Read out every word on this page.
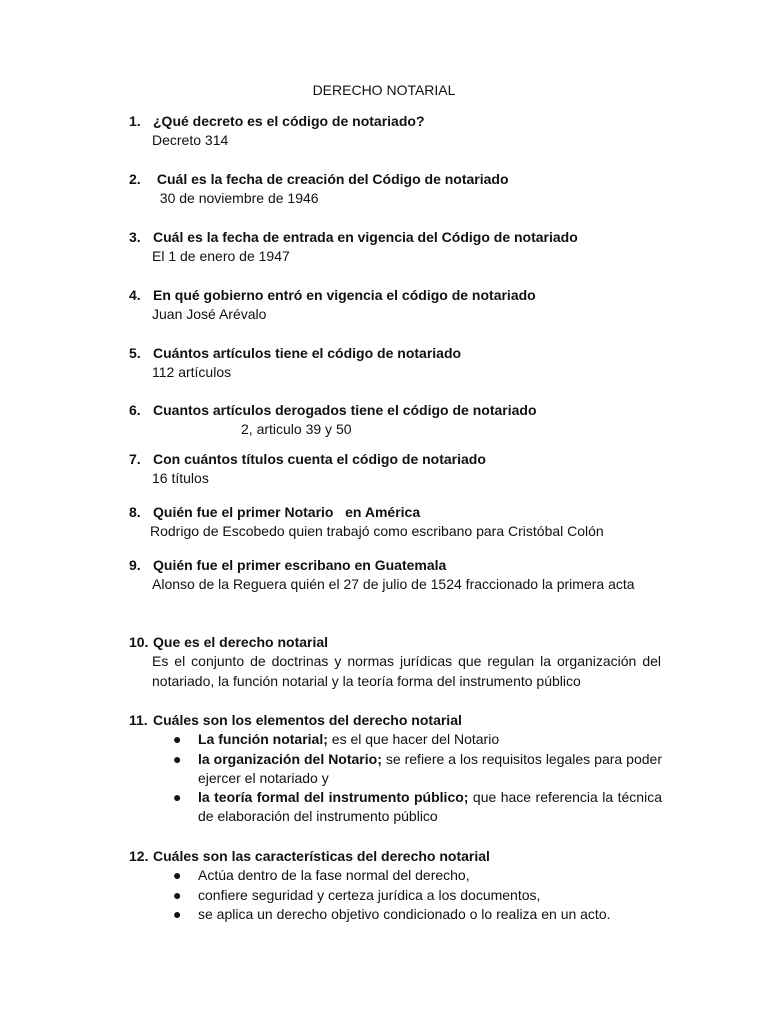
DERECHO NOTARIAL
1. ¿Qué decreto es el código de notariado?
Decreto 314
2. Cuál es la fecha de creación del Código de notariado
30 de noviembre de 1946
3. Cuál es la fecha de entrada en vigencia del Código de notariado
El 1 de enero de 1947
4. En qué gobierno entró en vigencia el código de notariado
Juan José Arévalo
5. Cuántos artículos tiene el código de notariado
112 artículos
6. Cuantos artículos derogados tiene el código de notariado
2, articulo 39 y 50
7. Con cuántos títulos cuenta el código de notariado
16 títulos
8. Quién fue el primer Notario   en América
Rodrigo de Escobedo quien trabajó como escribano para Cristóbal Colón
9. Quién fue el primer escribano en Guatemala
Alonso de la Reguera quién el 27 de julio de 1524 fraccionado la primera acta
10. Que es el derecho notarial
Es el conjunto de doctrinas y normas jurídicas que regulan la organización del notariado, la función notarial y la teoría forma del instrumento público
11. Cuáles son los elementos del derecho notarial
● La función notarial; es el que hacer del Notario
● la organización del Notario; se refiere a los requisitos legales para poder ejercer el notariado y
● la teoría formal del instrumento público; que hace referencia la técnica de elaboración del instrumento público
12. Cuáles son las características del derecho notarial
● Actúa dentro de la fase normal del derecho,
● confiere seguridad y certeza jurídica a los documentos,
● se aplica un derecho objetivo condicionado o lo realiza en un acto.
